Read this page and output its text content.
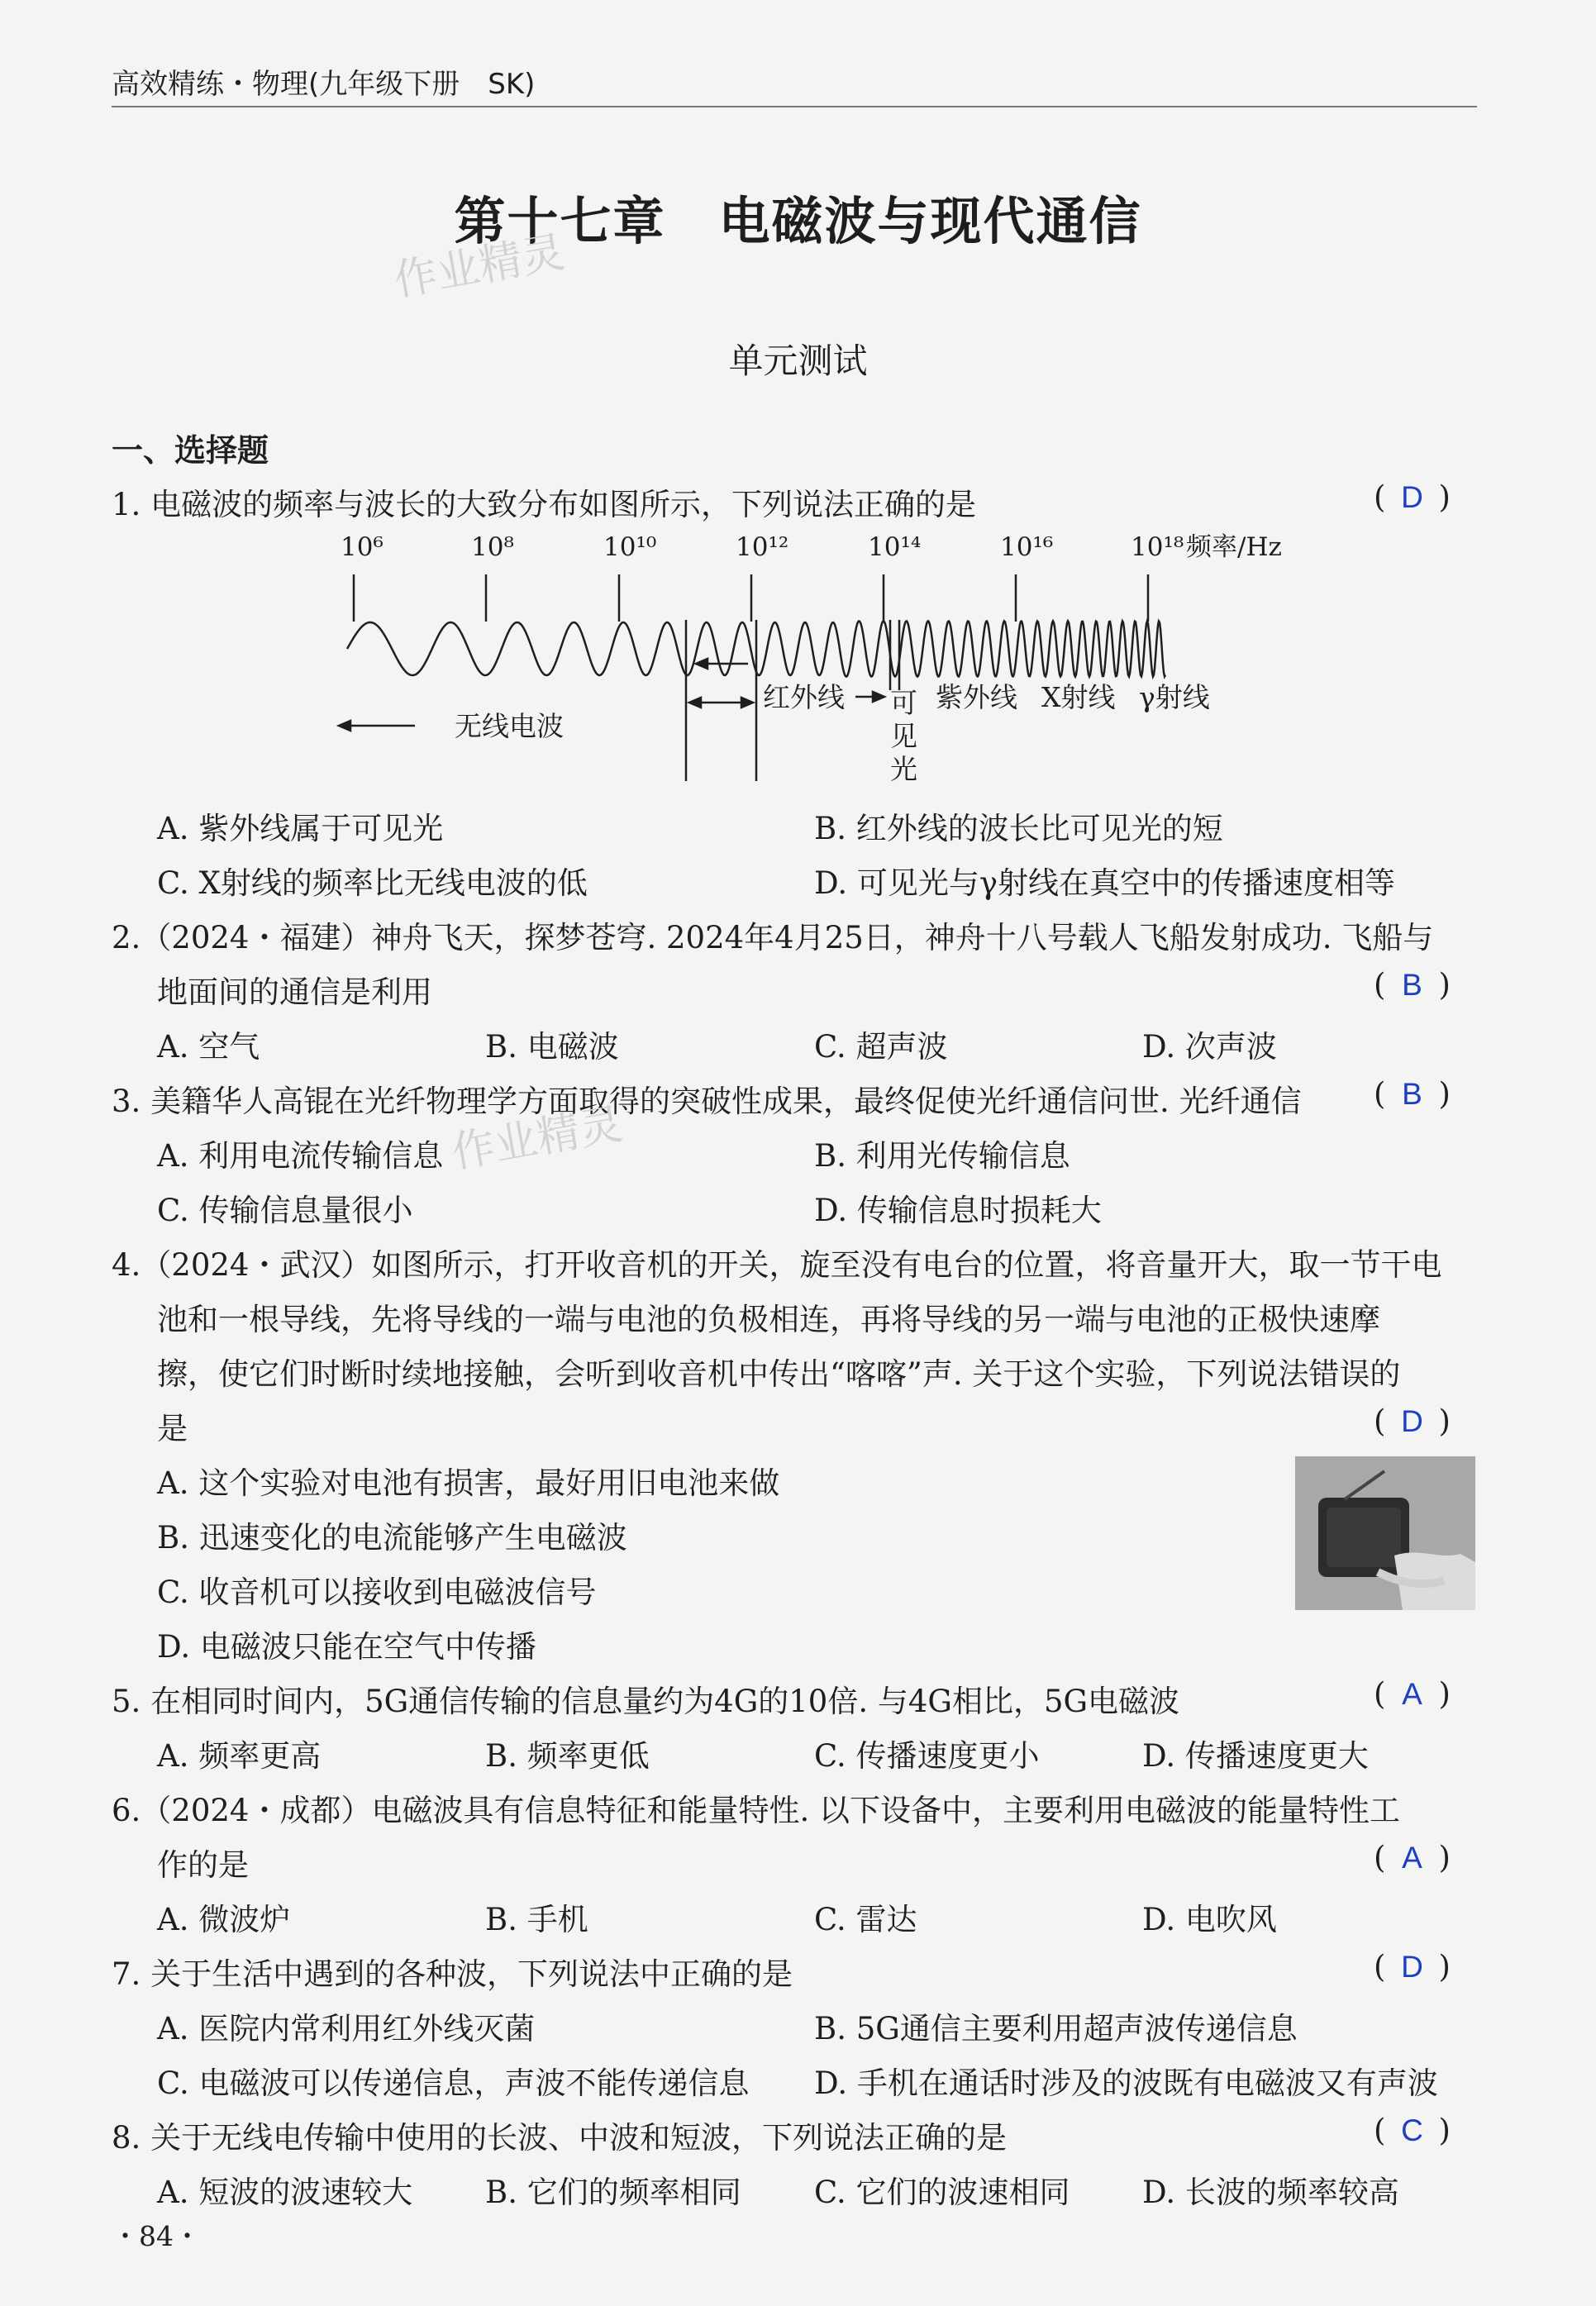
高效精练・物理(九年级下册　SK)
第十七章　电磁波与现代通信
作业精灵
单元测试
一、选择题
1. 电磁波的频率与波长的大致分布如图所示，下列说法正确的是	( D )
10⁶	10⁸	10¹⁰	10¹²	10¹⁴	10¹⁶	10¹⁸ 频率/Hz
无线电波
红外线 可
见
光
紫外线 X射线 γ射线
A. 紫外线属于可见光	B. 红外线的波长比可见光的短
C. X射线的频率比无线电波的低	D. 可见光与γ射线在真空中的传播速度相等
2.（2024・福建）神舟飞天，探梦苍穹. 2024年4月25日，神舟十八号载人飞船发射成功. 飞船与
地面间的通信是利用	( B )
A. 空气	B. 电磁波	C. 超声波	D. 次声波
3. 美籍华人高锟在光纤物理学方面取得的突破性成果，最终促使光纤通信问世. 光纤通信 ( B )
A. 利用电流传输信息 作业精灵	B. 利用光传输信息
C. 传输信息量很小	D. 传输信息时损耗大
4.（2024・武汉）如图所示，打开收音机的开关，旋至没有电台的位置，将音量开大，取一节干电
池和一根导线，先将导线的一端与电池的负极相连，再将导线的另一端与电池的正极快速摩
擦，使它们时断时续地接触，会听到收音机中传出“喀喀”声. 关于这个实验，下列说法错误的
是	( D )
A. 这个实验对电池有损害，最好用旧电池来做
B. 迅速变化的电流能够产生电磁波
C. 收音机可以接收到电磁波信号
D. 电磁波只能在空气中传播
5. 在相同时间内，5G通信传输的信息量约为4G的10倍. 与4G相比，5G电磁波	( A )
A. 频率更高	B. 频率更低	C. 传播速度更小	D. 传播速度更大
6.（2024・成都）电磁波具有信息特征和能量特性. 以下设备中，主要利用电磁波的能量特性工
作的是	( A )
A. 微波炉	B. 手机	C. 雷达	D. 电吹风
7. 关于生活中遇到的各种波，下列说法中正确的是	( D )
A. 医院内常利用红外线灭菌	B. 5G通信主要利用超声波传递信息
C. 电磁波可以传递信息，声波不能传递信息 D. 手机在通话时涉及的波既有电磁波又有声波
8. 关于无线电传输中使用的长波、中波和短波，下列说法正确的是	( C )
A. 短波的波速较大 B. 它们的频率相同 C. 它们的波速相同 D. 长波的频率较高
・84・
